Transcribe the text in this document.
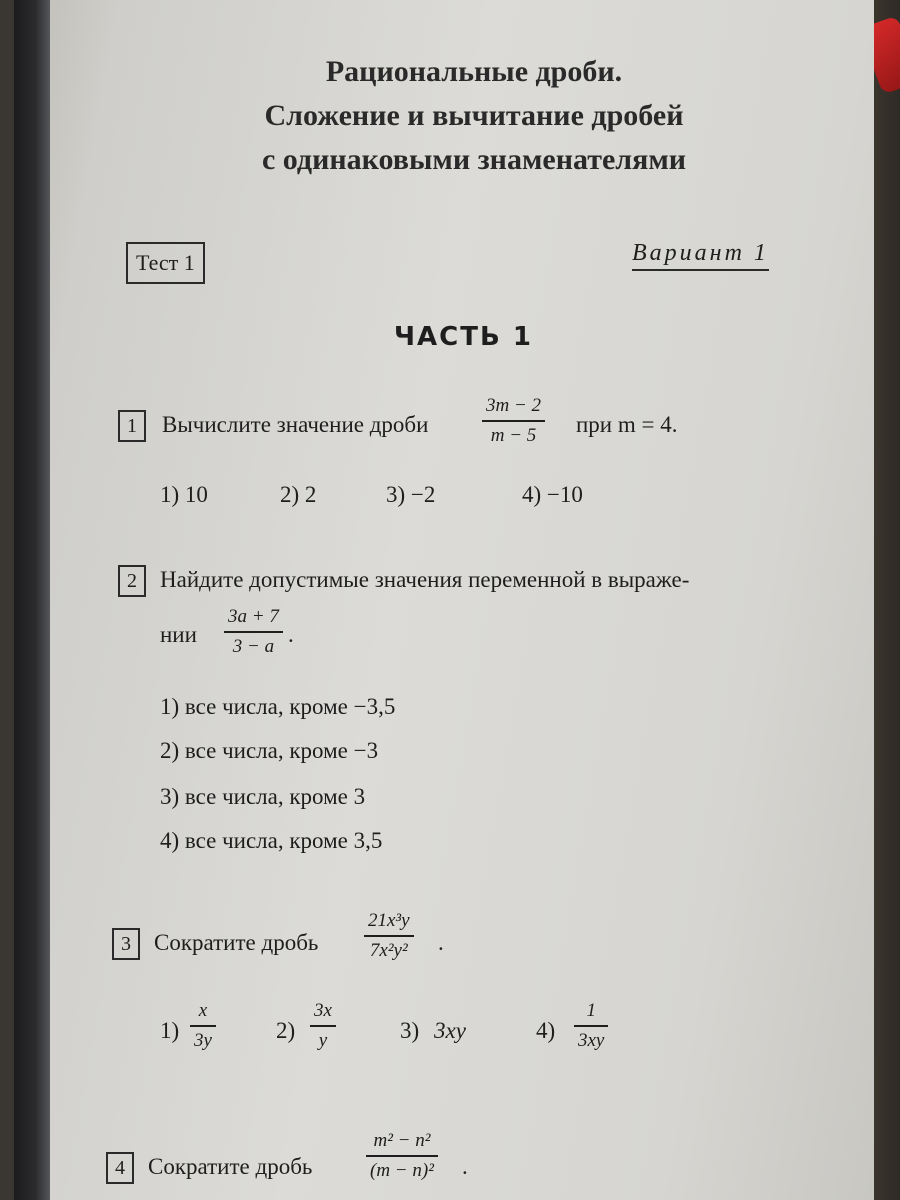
Рациональные дроби.
Сложение и вычитание дробей
с одинаковыми знаменателями
Тест 1	Вариант 1
ЧАСТЬ 1
1	Вычислите значение дроби
3m − 2
m − 5 при m = 4.
1) 10	2) 2	3) −2	4) −10
2	Найдите допустимые значения переменной в выраже-
нии
3a + 7
3 − a .
1) все числа, кроме −3,5
2) все числа, кроме −3
3) все числа, кроме 3
4) все числа, кроме 3,5
3	Сократите дробь
21x³y
7x²y² .
1)
x
3y	2)
3x
y	3) 3xy	4)
1
3xy
4	Сократите дробь
m² − n²
(m − n)² .
